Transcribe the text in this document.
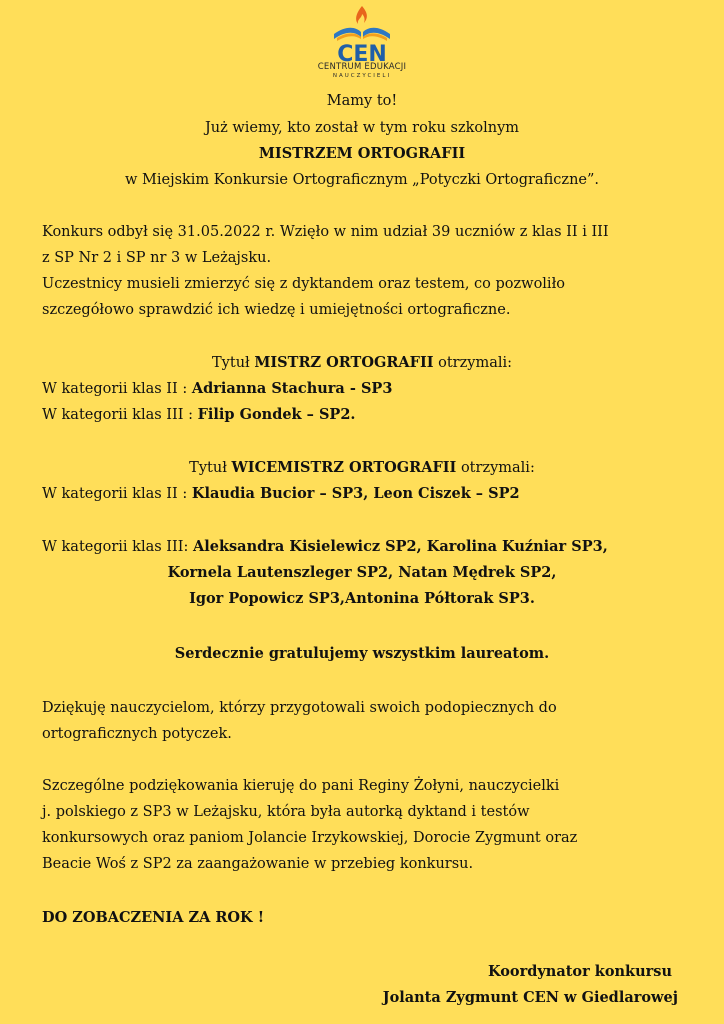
CEN
CENTRUM EDUKACJI
NAUCZYCIELI
Mamy to!
Już wiemy, kto został w tym roku szkolnym
MISTRZEM ORTOGRAFII
w Miejskim Konkursie Ortograficznym „Potyczki Ortograficzne”.
Konkurs odbył się 31.05.2022 r. Wzięło w nim udział 39 uczniów z klas II i III
z SP Nr 2 i SP nr 3 w Leżajsku.
Uczestnicy musieli zmierzyć się z dyktandem oraz testem, co pozwoliło
szczegółowo sprawdzić ich wiedzę i umiejętności ortograficzne.
Tytuł MISTRZ ORTOGRAFII otrzymali:
W kategorii klas II : Adrianna Stachura - SP3
W kategorii klas III : Filip Gondek – SP2.
Tytuł WICEMISTRZ ORTOGRAFII otrzymali:
W kategorii klas II : Klaudia Bucior – SP3, Leon Ciszek – SP2
W kategorii klas III: Aleksandra Kisielewicz SP2, Karolina Kuźniar SP3,
Kornela Lautenszleger SP2, Natan Mędrek SP2,
Igor Popowicz SP3,Antonina Półtorak SP3.
Serdecznie gratulujemy wszystkim laureatom.
Dziękuję nauczycielom, którzy przygotowali swoich podopiecznych do
ortograficznych potyczek.
Szczególne podziękowania kieruję do pani Reginy Żołyni, nauczycielki
j. polskiego z SP3 w Leżajsku, która była autorką dyktand i testów
konkursowych oraz paniom Jolancie Irzykowskiej, Dorocie Zygmunt oraz
Beacie Woś z SP2 za zaangażowanie w przebieg konkursu.
DO ZOBACZENIA ZA ROK !
Koordynator konkursu
Jolanta Zygmunt CEN w Giedlarowej
